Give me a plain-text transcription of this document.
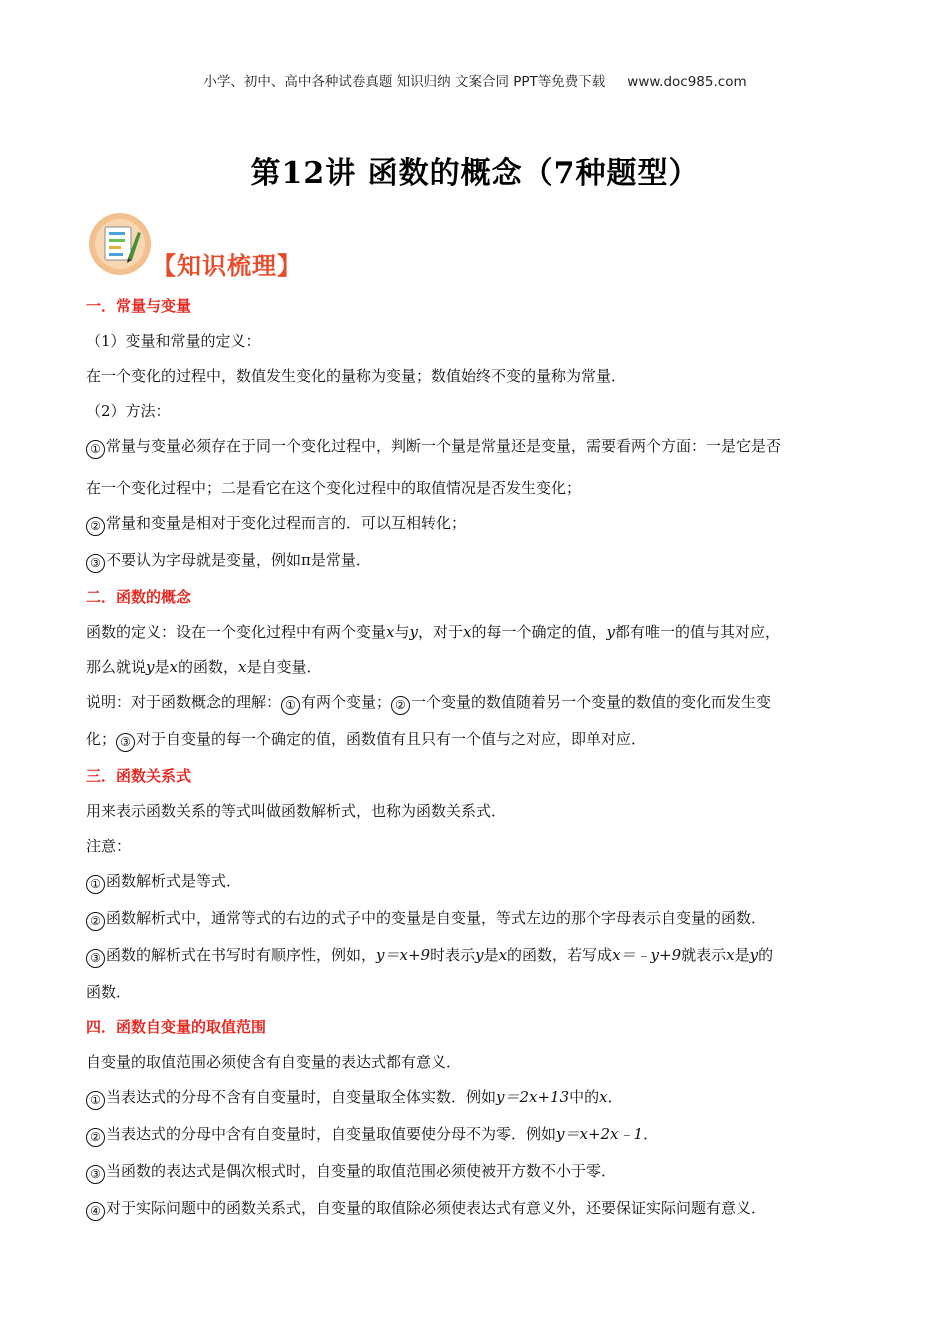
小学、初中、高中各种试卷真题 知识归纳 文案合同 PPT等免费下载 www.doc985.com
第12讲 函数的概念（7种题型）
【知识梳理】
一．常量与变量
（1）变量和常量的定义：
在一个变化的过程中，数值发生变化的量称为变量；数值始终不变的量称为常量．
（2）方法：
① 常量与变量必须存在于同一个变化过程中，判断一个量是常量还是变量，需要看两个方面：一是它是否
在一个变化过程中；二是看它在这个变化过程中的取值情况是否发生变化；
② 常量和变量是相对于变化过程而言的．可以互相转化；
③ 不要认为字母就是变量，例如π是常量．
二．函数的概念
函数的定义：设在一个变化过程中有两个变量x与y，对于x的每一个确定的值，y都有唯一的值与其对应，
那么就说y是x的函数，x是自变量．
说明：对于函数概念的理解： ① 有两个变量； ② 一个变量的数值随着另一个变量的数值的变化而发生变
化； ③ 对于自变量的每一个确定的值，函数值有且只有一个值与之对应，即单对应．
三．函数关系式
用来表示函数关系的等式叫做函数解析式，也称为函数关系式．
注意：
① 函数解析式是等式．
② 函数解析式中，通常等式的右边的式子中的变量是自变量，等式左边的那个字母表示自变量的函数．
③ 函数的解析式在书写时有顺序性，例如，y＝x+9时表示y是x的函数，若写成x＝﹣y+9就表示x是y的
函数．
四．函数自变量的取值范围
自变量的取值范围必须使含有自变量的表达式都有意义．
① 当表达式的分母不含有自变量时，自变量取全体实数．例如y＝2x+13中的x．
② 当表达式的分母中含有自变量时，自变量取值要使分母不为零．例如y＝x+2x﹣1．
③ 当函数的表达式是偶次根式时，自变量的取值范围必须使被开方数不小于零．
④ 对于实际问题中的函数关系式，自变量的取值除必须使表达式有意义外，还要保证实际问题有意义．
